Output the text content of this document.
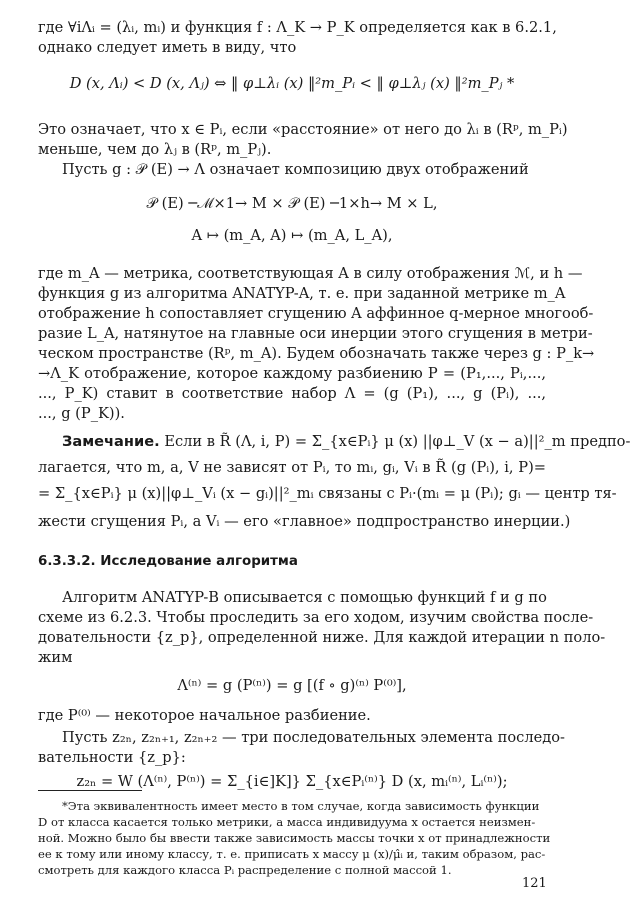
где ∀iΛᵢ = (λᵢ, mᵢ) и функция f : Λ_K → P_K определяется как в 6.2.1,
однако следует иметь в виду, что
D (x, Λᵢ) < D (x, Λⱼ) ⇔ ‖ φ⊥λᵢ (x) ‖²m_Pᵢ < ‖ φ⊥λⱼ (x) ‖²m_Pⱼ *
Это означает, что x ∈ Pᵢ, если «расстояние» от него до λᵢ в (Rᵖ, m_Pᵢ)
меньше, чем до λⱼ в (Rᵖ, m_Pⱼ).
Пусть g : 𝒫 (E) → Λ означает композицию двух отображений
𝒫 (E) ─ℳ×1→ M × 𝒫 (E) ─1×h→ M × L,
A ↦ (m_A, A) ↦ (m_A, L_A),
где m_A — метрика, соответствующая A в силу отображения ℳ, и h —
функция g из алгоритма ANATYP-A, т. е. при заданной метрике m_A
отображение h сопоставляет сгущению A аффинное q-мерное многооб-
разие L_A, натянутое на главные оси инерции этого сгущения в метри-
ческом пространстве (Rᵖ, m_A). Будем обозначать также через g : P_k→
→Λ_K отображение, которое каждому разбиению P = (P₁,..., Pᵢ,...,
..., P_K) ставит в соответствие набор Λ = (g (P₁), ..., g (Pᵢ), ...,
..., g (P_K)).
Замечание. Если в R̃ (Λ, i, P) = Σ_{x∈Pᵢ} μ (x) ||φ⊥_V (x − a)||²_m предпо-
лагается, что m, a, V не зависят от Pᵢ, то mᵢ, gᵢ, Vᵢ в R̃ (g (Pᵢ), i, P)=
= Σ_{x∈Pᵢ} μ (x)||φ⊥_Vᵢ (x − gᵢ)||²_mᵢ связаны с Pᵢ·(mᵢ = μ (Pᵢ); gᵢ — центр тя-
жести сгущения Pᵢ, а Vᵢ — его «главное» подпространство инерции.)
6.3.3.2. Исследование алгоритма
Алгоритм ANATYP-B описывается с помощью функций f и g по
схеме из 6.2.3. Чтобы проследить за его ходом, изучим свойства после-
довательности {z_p}, определенной ниже. Для каждой итерации n поло-
жим
Λ⁽ⁿ⁾ = g (P⁽ⁿ⁾) = g [(f ∘ g)⁽ⁿ⁾ P⁽⁰⁾],
где P⁽⁰⁾ — некоторое начальное разбиение.
Пусть z₂ₙ, z₂ₙ₊₁, z₂ₙ₊₂ — три последовательных элемента последо-
вательности {z_p}:
z₂ₙ = W (Λ⁽ⁿ⁾, P⁽ⁿ⁾) = Σ_{i∈]K]} Σ_{x∈Pᵢ⁽ⁿ⁾} D (x, mᵢ⁽ⁿ⁾, Lᵢ⁽ⁿ⁾);
*Эта эквивалентность имеет место в том случае, когда зависимость функции
D от класса касается только метрики, а масса индивидуума x остается неизмен-
ной. Можно было бы ввести также зависимость массы точки x от принадлежности
ее к тому или иному классу, т. е. приписать x массу μ (x)/μ̂ᵢ и, таким образом, рас-
смотреть для каждого класса Pᵢ распределение с полной массой 1.
121
